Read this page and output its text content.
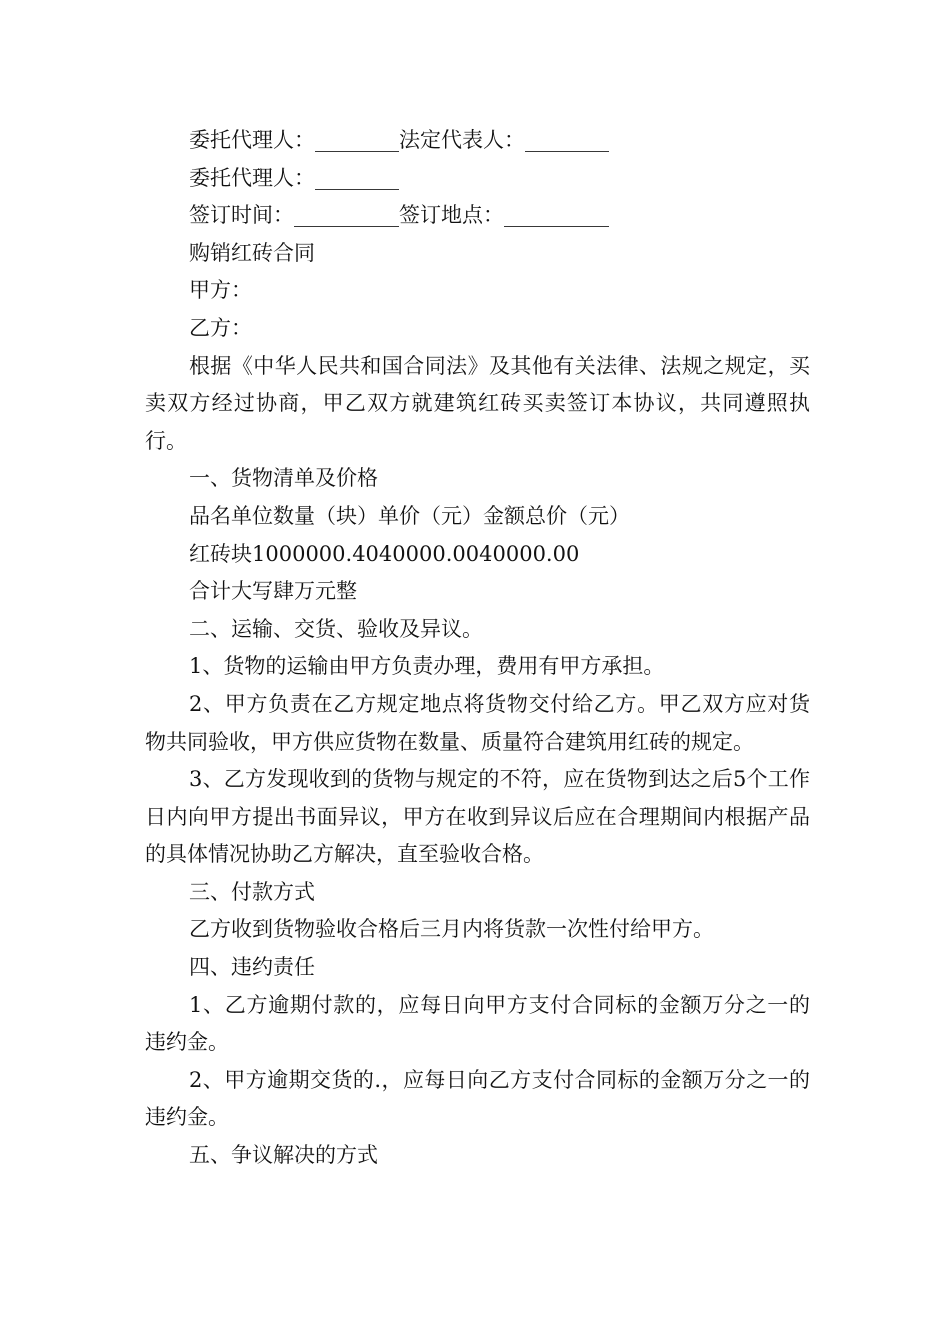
委托代理人：________法定代表人：________

委托代理人：________

签订时间：__________签订地点：__________

购销红砖合同

甲方：

乙方：

根据《中华人民共和国合同法》及其他有关法律、法规之规定，买卖双方经过协商，甲乙双方就建筑红砖买卖签订本协议，共同遵照执行。

一、货物清单及价格

品名单位数量（块）单价（元）金额总价（元）

红砖块1000000.4040000.0040000.00

合计大写肆万元整

二、运输、交货、验收及异议。

1、货物的运输由甲方负责办理，费用有甲方承担。

2、甲方负责在乙方规定地点将货物交付给乙方。甲乙双方应对货物共同验收，甲方供应货物在数量、质量符合建筑用红砖的规定。

3、乙方发现收到的货物与规定的不符，应在货物到达之后5个工作日内向甲方提出书面异议，甲方在收到异议后应在合理期间内根据产品的具体情况协助乙方解决，直至验收合格。

三、付款方式

乙方收到货物验收合格后三月内将货款一次性付给甲方。

四、违约责任

1、乙方逾期付款的，应每日向甲方支付合同标的金额万分之一的违约金。

2、甲方逾期交货的.，应每日向乙方支付合同标的金额万分之一的违约金。

五、争议解决的方式
